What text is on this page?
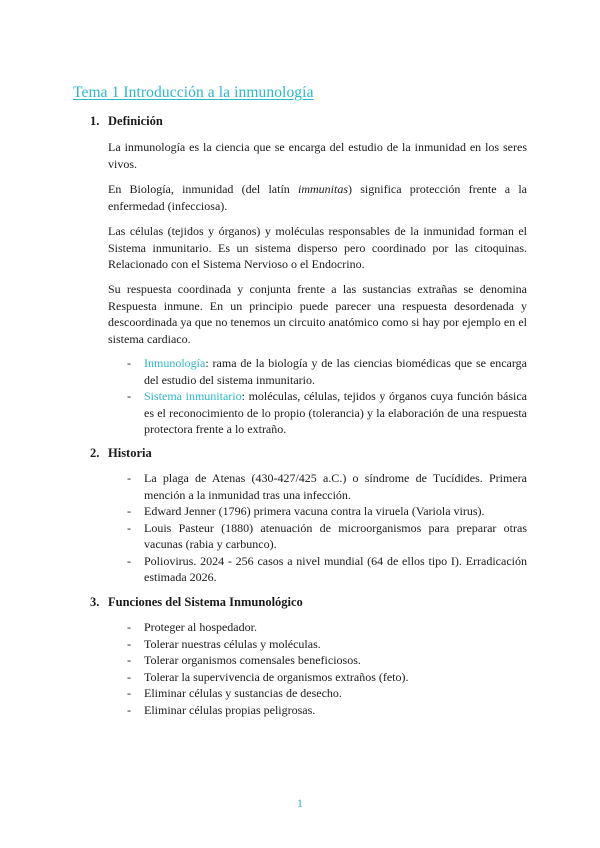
Tema 1 Introducción a la inmunología
1. Definición

La inmunología es la ciencia que se encarga del estudio de la inmunidad en los seres vivos.

En Biología, inmunidad (del latín immunitas) significa protección frente a la enfermedad (infecciosa).

Las células (tejidos y órganos) y moléculas responsables de la inmunidad forman el Sistema inmunitario. Es un sistema disperso pero coordinado por las citoquinas. Relacionado con el Sistema Nervioso o el Endocrino.

Su respuesta coordinada y conjunta frente a las sustancias extrañas se denomina Respuesta inmune. En un principio puede parecer una respuesta desordenada y descoordinada ya que no tenemos un circuito anatómico como si hay por ejemplo en el sistema cardiaco.

- Inmunología: rama de la biología y de las ciencias biomédicas que se encarga del estudio del sistema inmunitario.
- Sistema inmunitario: moléculas, células, tejidos y órganos cuya función básica es el reconocimiento de lo propio (tolerancia) y la elaboración de una respuesta protectora frente a lo extraño.
2. Historia
- La plaga de Atenas (430-427/425 a.C.) o síndrome de Tucídides. Primera mención a la inmunidad tras una infección.
- Edward Jenner (1796) primera vacuna contra la viruela (Variola virus).
- Louis Pasteur (1880) atenuación de microorganismos para preparar otras vacunas (rabia y carbunco).
- Poliovirus. 2024 - 256 casos a nivel mundial (64 de ellos tipo I). Erradicación estimada 2026.
3. Funciones del Sistema Inmunológico
- Proteger al hospedador.
- Tolerar nuestras células y moléculas.
- Tolerar organismos comensales beneficiosos.
- Tolerar la supervivencia de organismos extraños (feto).
- Eliminar células y sustancias de desecho.
- Eliminar células propias peligrosas.
1
